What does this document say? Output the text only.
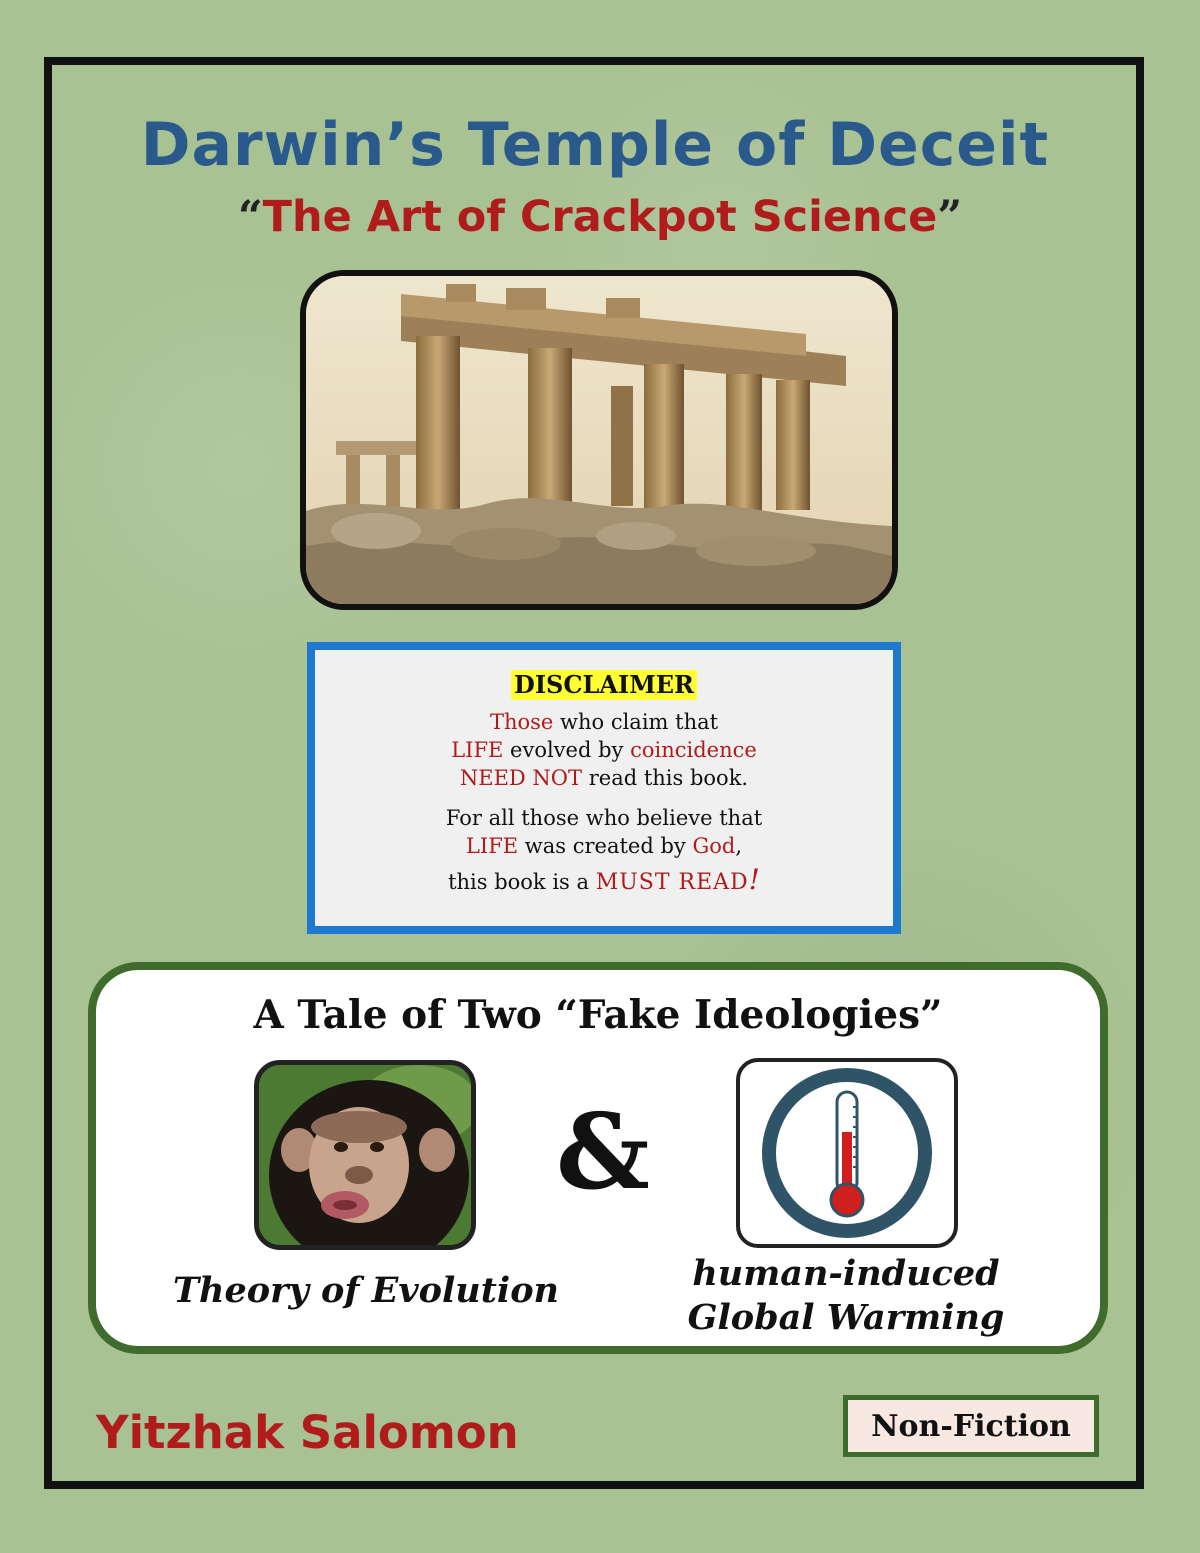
Darwin’s Temple of Deceit
“The Art of Crackpot Science”
DISCLAIMER
Those who claim that
LIFE evolved by coincidence
NEED NOT read this book.
For all those who believe that
LIFE was created by God,
this book is a MUST READ!
A Tale of Two “Fake Ideologies”
&
Theory of Evolution	human-induced
Global Warming
Yitzhak Salomon	Non-Fiction
